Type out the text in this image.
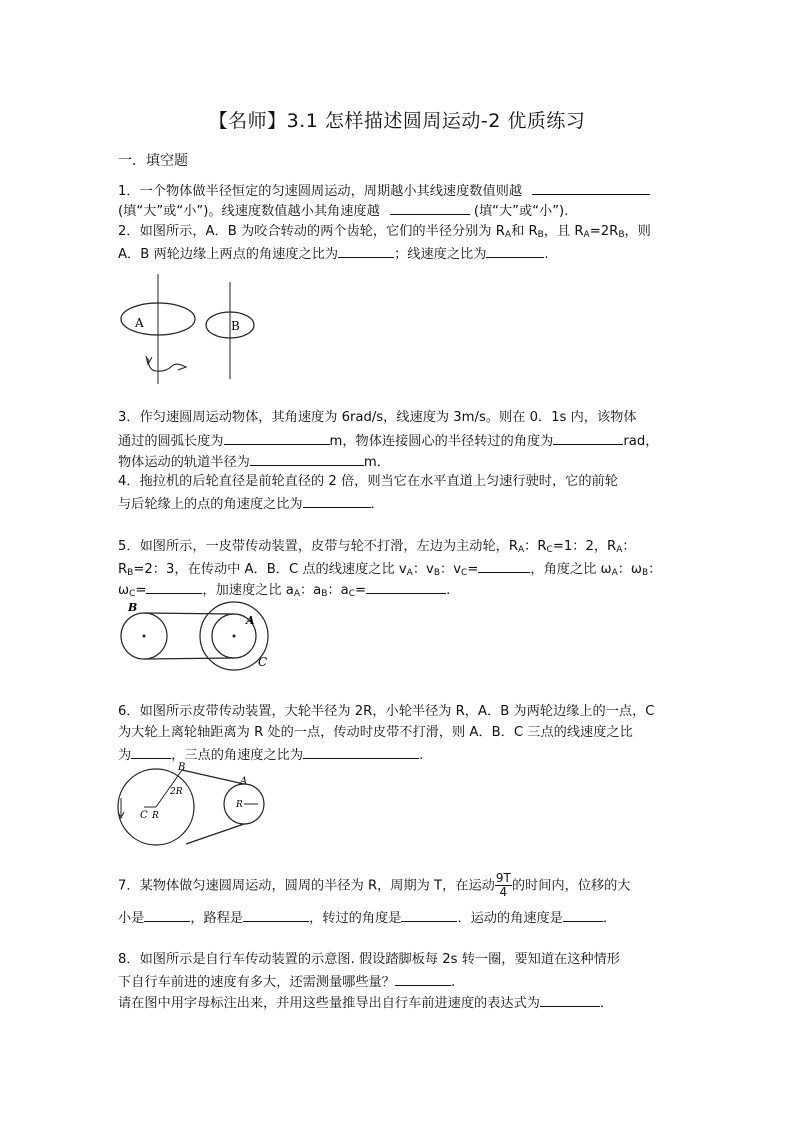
【名师】3.1 怎样描述圆周运动-2 优质练习
一．填空题
1．一个物体做半径恒定的匀速圆周运动，周期越小其线速度数值则越
(填“大”或“小”)。线速度数值越小其角速度越	(填“大”或“小”).
2．如图所示，A．B 为咬合转动的两个齿轮，它们的半径分别为 $R_A$和 $R_B$，且 $R_A=2R_B$，则
A．B 两轮边缘上两点的角速度之比为	；线速度之比为	.
A	B
3．作匀速圆周运动物体，其角速度为 6rad/s，线速度为 3m/s。则在 0．1s 内，该物体
通过的圆弧长度为	m，物体连接圆心的半径转过的角度为	rad，
物体运动的轨道半径为	m．
4．拖拉机的后轮直径是前轮直径的 2 倍，则当它在水平直道上匀速行驶时，它的前轮
与后轮缘上的点的角速度之比为	．
5．如图所示，一皮带传动装置，皮带与轮不打滑，左边为主动轮，$R_A$：$R_C=1$：2，$R_A$：
$R_B=2$：3，在传动中 A．B．C 点的线速度之比 $v_A$：$v_B$：$v_C=$	，角度之比 $\omega_A$：$\omega_B$：
$\omega_C=$	，加速度之比 $a_A$：$a_B$：$a_C=$	.
B
A
C
6．如图所示皮带传动装置，大轮半径为 2R，小轮半径为 R，A．B 为两轮边缘上的一点，C
为大轮上离轮轴距离为 R 处的一点，传动时皮带不打滑，则 A．B．C 三点的线速度之比
为	，三点的角速度之比为	.
B
A
C
2R
R
R
7．某物体做匀速圆周运动，圆周的半径为 R，周期为 T，在运动 $\frac{9T}{4}$ 的时间内，位移的大
小是	，路程是	，转过的角度是	．运动的角速度是	．
8．如图所示是自行车传动装置的示意图. 假设踏脚板每 2s 转一圈，要知道在这种情形
下自行车前进的速度有多大，还需测量哪些量？	.
请在图中用字母标注出来，并用这些量推导出自行车前进速度的表达式为	．
